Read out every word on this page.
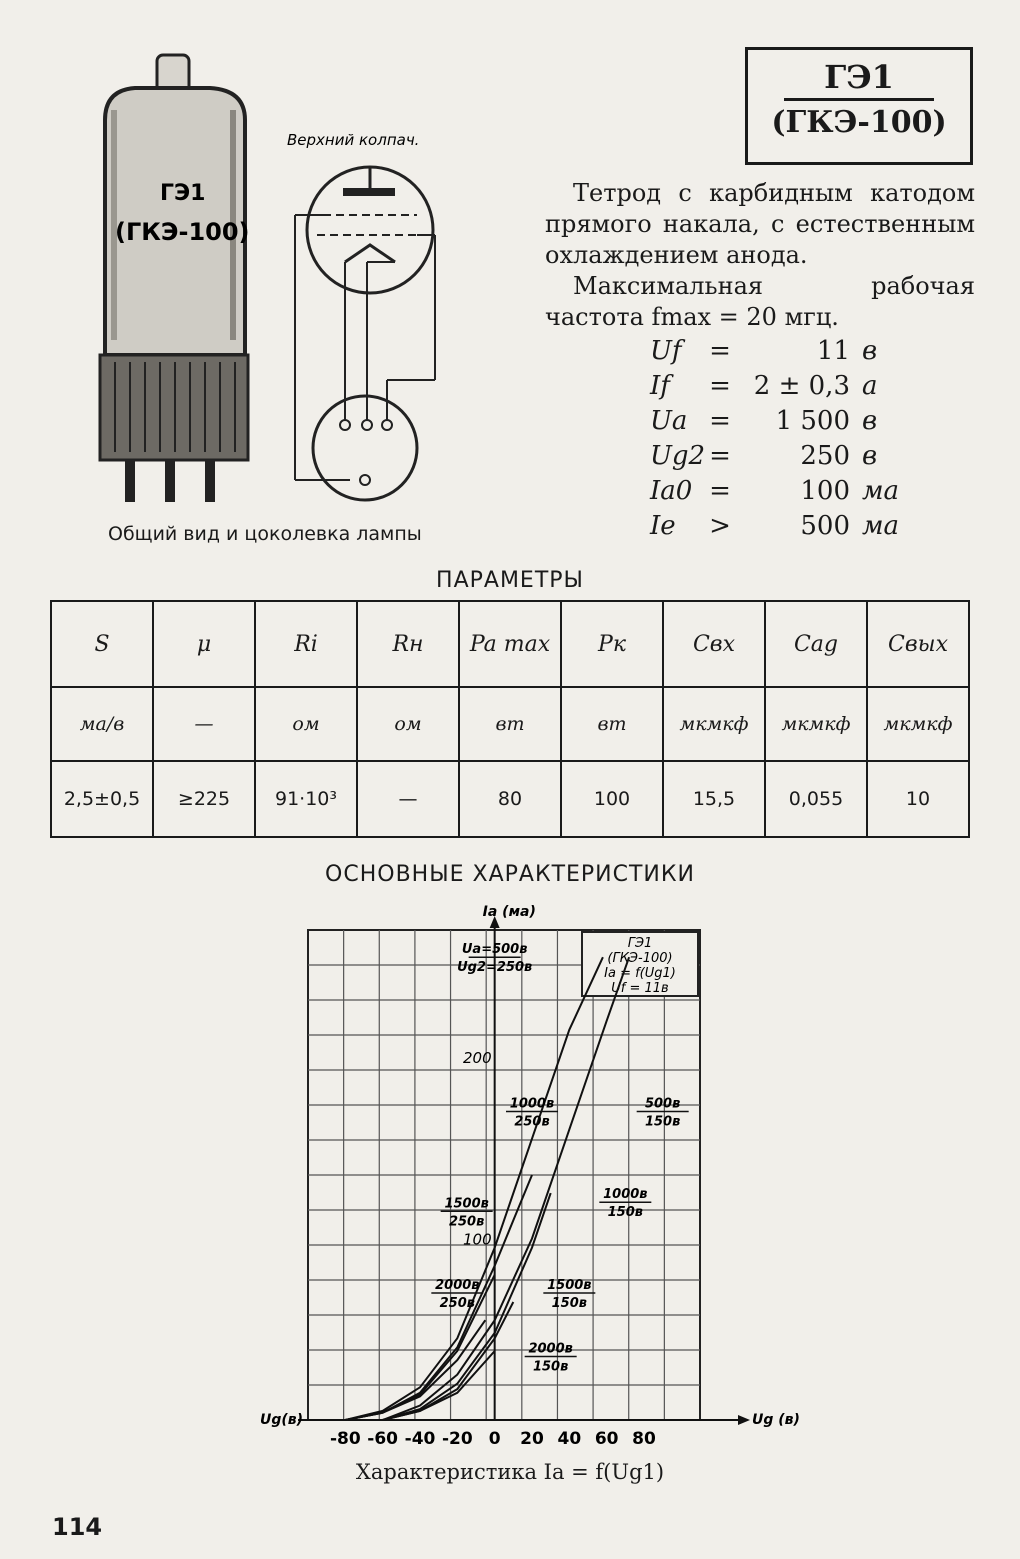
ГЭ1
(ГКЭ-100)
Верхний колпач.
Общий вид и цоколевка лампы
ГЭ1
(ГКЭ-100)

Тетрод с карбидным катодом прямого накала, с естественным охлаждением анода.

Максимальная рабочая частота fmax = 20 мгц.

Uf	=	11 в
If	= 2 ± 0,3 а
Ua =	1 500 в
Ug2 =	250 в
Ia0 =	100 ма
Ie	>	500 ма
ПАРАМЕТРЫ
S	μ	Ri	Rн	Pa max	Pк	Cвх	Cag	Cвых
ма/в	—	ом	ом	вт	вт	мкмкф	мкмкф	мкмкф
2,5±0,5	≥225	91·10³	—	80	100	15,5	0,055	10
ОСНОВНЫЕ ХАРАКТЕРИСТИКИ
Ia (ма)
Ug (в)
Ug(в)
-80 -60 -40 -20 0 20 40 60 80
100
200
ГЭ1
(ГКЭ-100)
Ia = f(Ug1)
Uf = 11в
Uа=500в
Ug2=250в
500в
150в
1000в
250в
1000в
150в
1500в
250в
1500в
150в
2000в
250в
2000в
150в
Характеристика Ia = f(Ug1)
114
